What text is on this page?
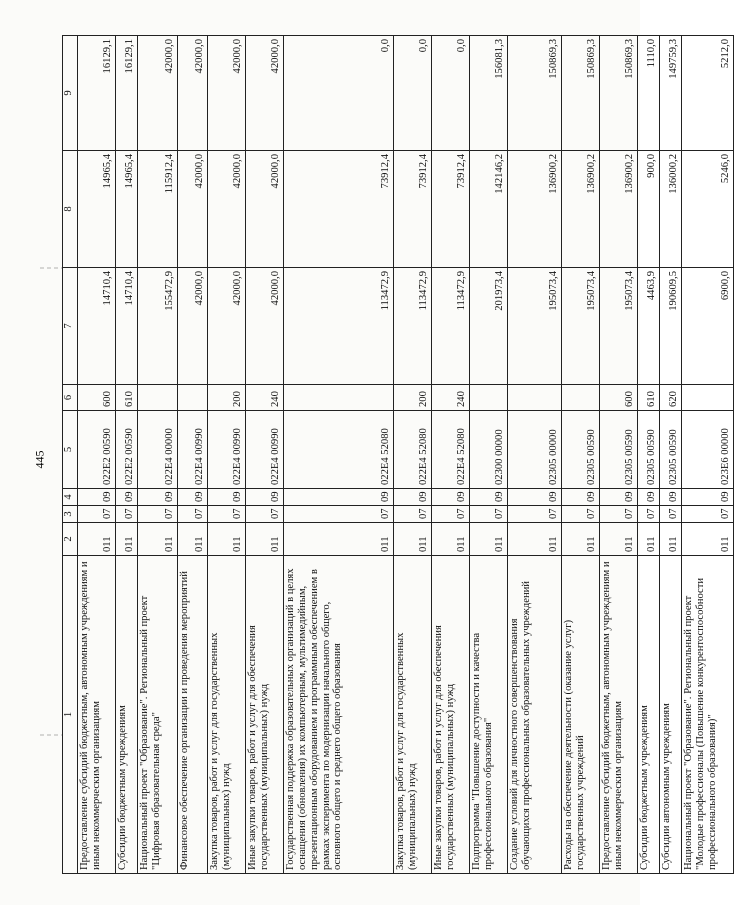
445
1	2	3	4	5	6	7	8	9
Предоставление субсидий бюджетным, автономным учреждениям и иным некоммерческим организациям	011	07	09	022E2 00590	600	14710,4	14965,4	16129,1
Субсидии бюджетным учреждениям	011	07	09	022E2 00590	610	14710,4	14965,4	16129,1
Национальный проект "Образование". Региональный проект "Цифровая образовательная среда"	011	07	09	022E4 00000		155472,9	115912,4	42000,0
Финансовое обеспечение организации и проведения мероприятий	011	07	09	022E4 00990		42000,0	42000,0	42000,0
Закупка товаров, работ и услуг для государственных (муниципальных) нужд	011	07	09	022E4 00990	200	42000,0	42000,0	42000,0
Иные закупки товаров, работ и услуг для обеспечения государственных (муниципальных) нужд	011	07	09	022E4 00990	240	42000,0	42000,0	42000,0
Государственная поддержка образовательных организаций в целях оснащения (обновления) их компьютерным, мультимедийным, презентационным оборудованием и программным обеспечением в рамках эксперимента по модернизации начального общего, основного общего и среднего общего образования	011	07	09	022E4 52080		113472,9	73912,4	0,0
Закупка товаров, работ и услуг для государственных (муниципальных) нужд	011	07	09	022E4 52080	200	113472,9	73912,4	0,0
Иные закупки товаров, работ и услуг для обеспечения государственных (муниципальных) нужд	011	07	09	022E4 52080	240	113472,9	73912,4	0,0
Подпрограмма "Повышение доступности и качества профессионального образования"	011	07	09	02300 00000		201973,4	142146,2	156081,3
Создание условий для личностного совершенствования обучающихся профессиональных образовательных учреждений	011	07	09	02305 00000		195073,4	136900,2	150869,3
Расходы на обеспечение деятельности (оказание услуг) государственных учреждений	011	07	09	02305 00590		195073,4	136900,2	150869,3
Предоставление субсидий бюджетным, автономным учреждениям и иным некоммерческим организациям	011	07	09	02305 00590	600	195073,4	136900,2	150869,3
Субсидии бюджетным учреждениям	011	07	09	02305 00590	610	4463,9	900,0	1110,0
Субсидии автономным учреждениям	011	07	09	02305 00590	620	190609,5	136000,2	149759,3
Национальный проект "Образование". Региональный проект "Молодые профессионалы (Повышение конкурентоспособности профессионального образования)"	011	07	09	023E6 00000		6900,0	5246,0	5212,0
